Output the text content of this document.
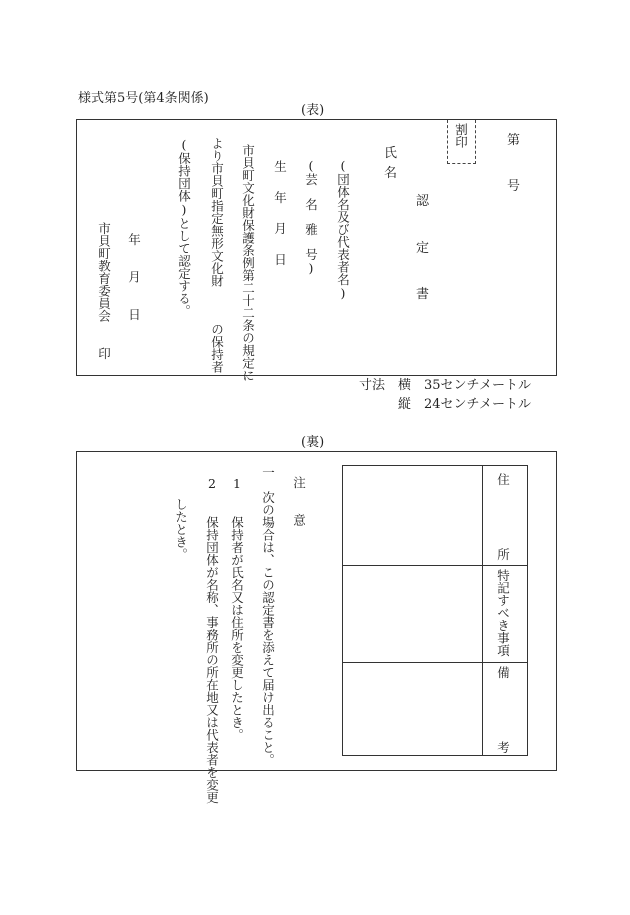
様式第5号(第4条関係)
(表)
第
号
割印
認
定
書
氏
名
(団体名及び代表者名)
(芸　名　雅　号)
生　年　月　日
市貝町文化財保護条例第二十二条の規定に
より市貝町指定無形文化財
の保持者
(保持団体)として認定する。
年　　月　　日
市貝町教育委員会　　印
寸法 横　35センチメートル
縦　24センチメートル
(裏)
注　　意
一　次の場合は、この認定書を添えて届け出ること。
1　　保持者が氏名又は住所を変更したとき。
2　　保持団体が名称、事務所の所在地又は代表者を変更
したとき。	住　　　　　所
特記すべき事項
備　　　　　考
